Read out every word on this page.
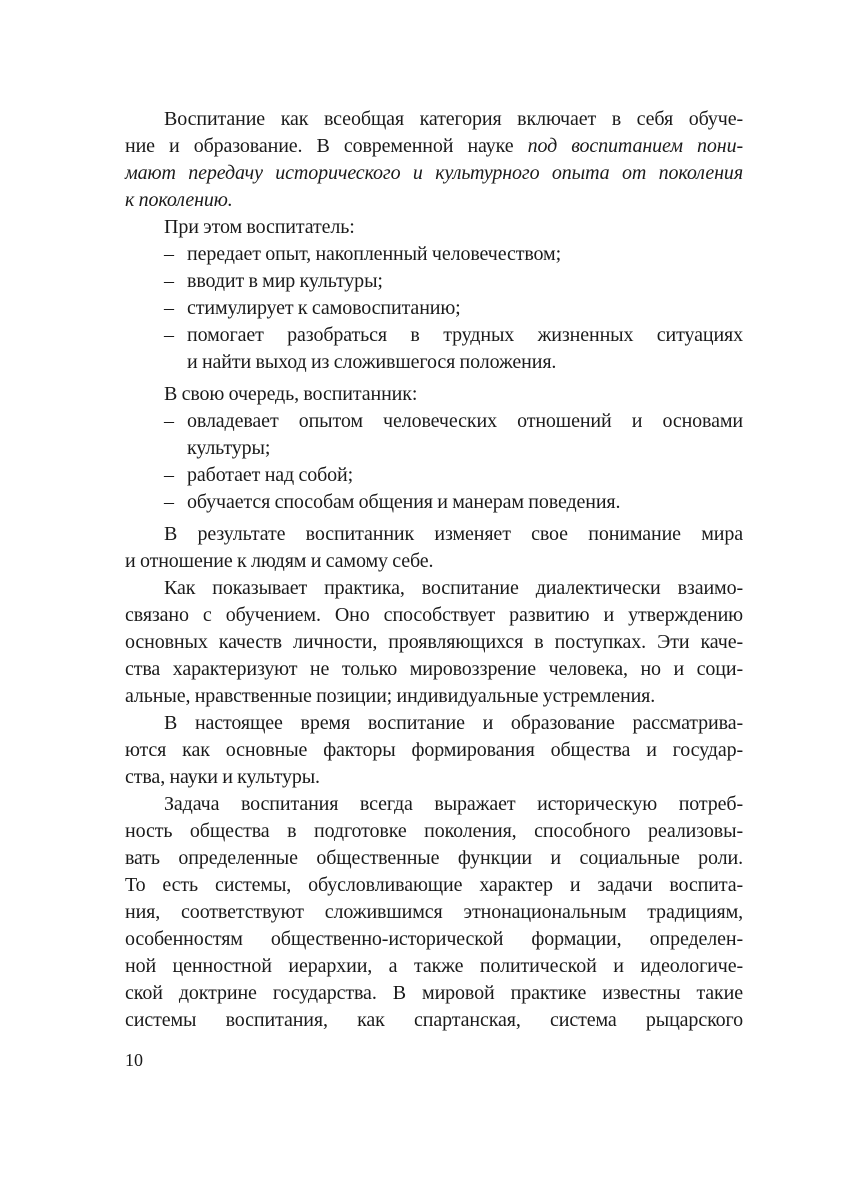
Воспитание как всеобщая категория включает в себя обуче-
ние и образование. В современной науке под воспитанием пони-
мают передачу исторического и культурного опыта от поколения
к поколению.
При этом воспитатель:
– передает опыт, накопленный человечеством;
– вводит в мир культуры;
– стимулирует к самовоспитанию;
– помогает разобраться в трудных жизненных ситуациях
и найти выход из сложившегося положения.
В свою очередь, воспитанник:
– овладевает опытом человеческих отношений и основами
культуры;
– работает над собой;
– обучается способам общения и манерам поведения.
В результате воспитанник изменяет свое понимание мира
и отношение к людям и самому себе.
Как показывает практика, воспитание диалектически взаимо-
связано с обучением. Оно способствует развитию и утверждению
основных качеств личности, проявляющихся в поступках. Эти каче-
ства характеризуют не только мировоззрение человека, но и соци-
альные, нравственные позиции; индивидуальные устремления.
В настоящее время воспитание и образование рассматрива-
ются как основные факторы формирования общества и государ-
ства, науки и культуры.
Задача воспитания всегда выражает историческую потреб-
ность общества в подготовке поколения, способного реализовы-
вать определенные общественные функции и социальные роли.
То есть системы, обусловливающие характер и задачи воспита-
ния, соответствуют сложившимся этнонациональным традициям,
особенностям общественно-исторической формации, определен-
ной ценностной иерархии, а также политической и идеологиче-
ской доктрине государства. В мировой практике известны такие
системы воспитания, как спартанская, система рыцарского
10
